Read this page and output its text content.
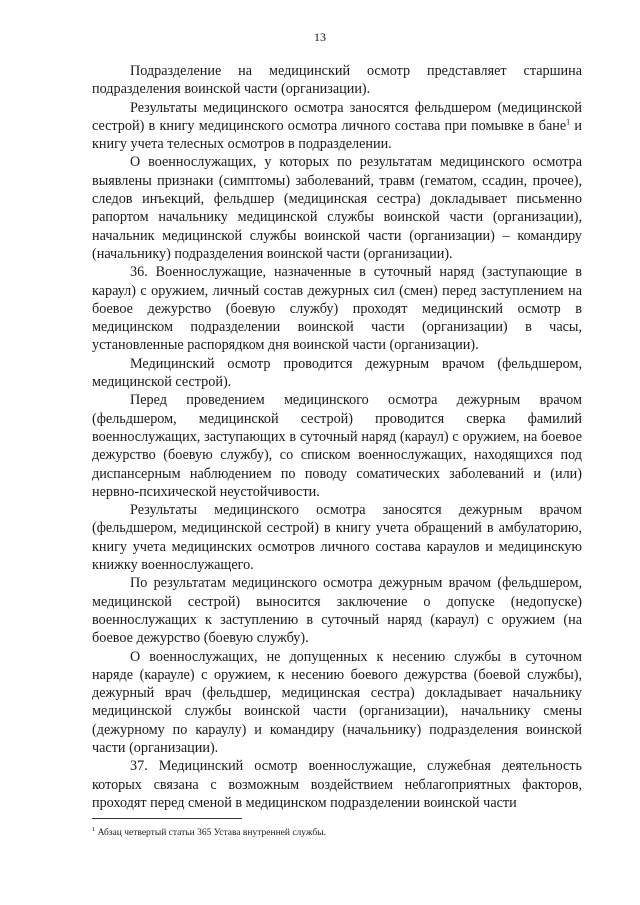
13

Подразделение на медицинский осмотр представляет старшина подразделения воинской части (организации).

Результаты медицинского осмотра заносятся фельдшером (медицинской сестрой) в книгу медицинского осмотра личного состава при помывке в бане$^1$ и книгу учета телесных осмотров в подразделении.

О военнослужащих, у которых по результатам медицинского осмотра выявлены признаки (симптомы) заболеваний, травм (гематом, ссадин, прочее), следов инъекций, фельдшер (медицинская сестра) докладывает письменно рапортом начальнику медицинской службы воинской части (организации), начальник медицинской службы воинской части (организации) – командиру (начальнику) подразделения воинской части (организации).

36. Военнослужащие, назначенные в суточный наряд (заступающие в караул) с оружием, личный состав дежурных сил (смен) перед заступлением на боевое дежурство (боевую службу) проходят медицинский осмотр в медицинском подразделении воинской части (организации) в часы, установленные распорядком дня воинской части (организации).

Медицинский осмотр проводится дежурным врачом (фельдшером, медицинской сестрой).

Перед проведением медицинского осмотра дежурным врачом (фельдшером, медицинской сестрой) проводится сверка фамилий военнослужащих, заступающих в суточный наряд (караул) с оружием, на боевое дежурство (боевую службу), со списком военнослужащих, находящихся под диспансерным наблюдением по поводу соматических заболеваний и (или) нервно-психической неустойчивости.

Результаты медицинского осмотра заносятся дежурным врачом (фельдшером, медицинской сестрой) в книгу учета обращений в амбулаторию, книгу учета медицинских осмотров личного состава караулов и медицинскую книжку военнослужащего.

По результатам медицинского осмотра дежурным врачом (фельдшером, медицинской сестрой) выносится заключение о допуске (недопуске) военнослужащих к заступлению в суточный наряд (караул) с оружием (на боевое дежурство (боевую службу).

О военнослужащих, не допущенных к несению службы в суточном наряде (карауле) с оружием, к несению боевого дежурства (боевой службы), дежурный врач (фельдшер, медицинская сестра) докладывает начальнику медицинской службы воинской части (организации), начальнику смены (дежурному по караулу) и командиру (начальнику) подразделения воинской части (организации).

37. Медицинский осмотр военнослужащие, служебная деятельность которых связана с возможным воздействием неблагоприятных факторов, проходят перед сменой в медицинском подразделении воинской части

$^1$ Абзац четвертый статьи 365 Устава внутренней службы.
